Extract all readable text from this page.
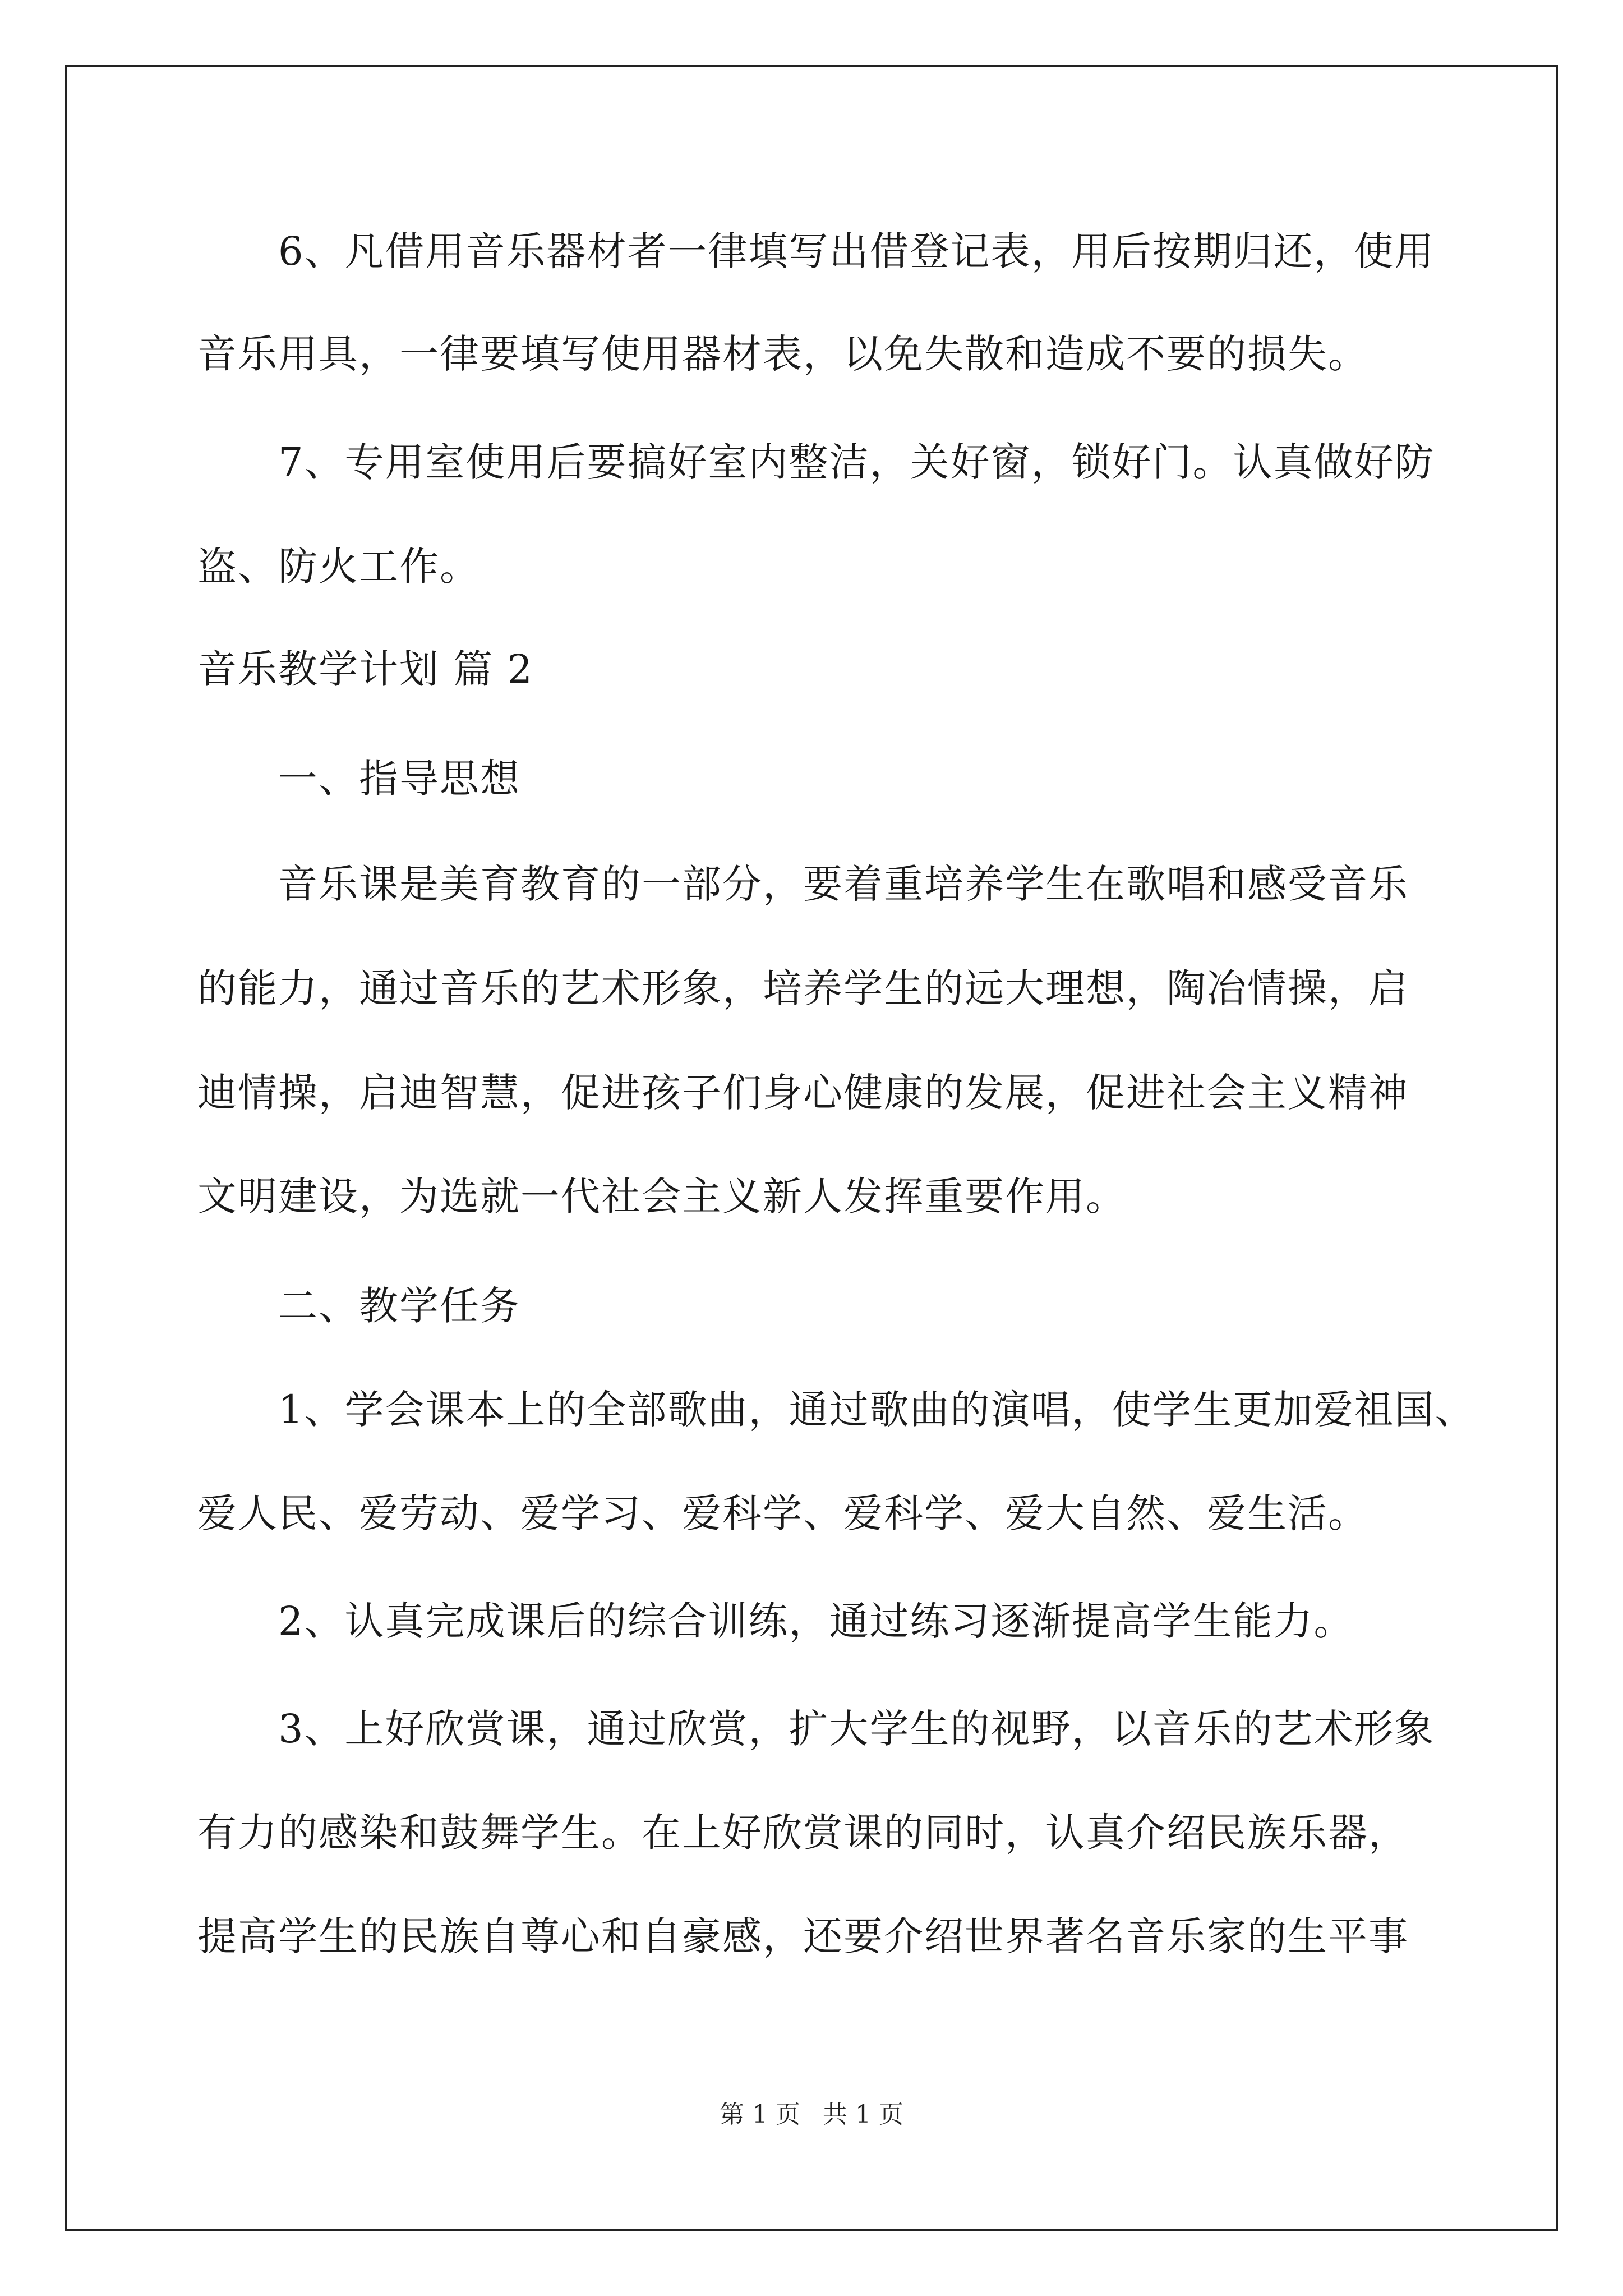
6、凡借用音乐器材者一律填写出借登记表，用后按期归还，使用
音乐用具，一律要填写使用器材表，以免失散和造成不要的损失。
7、专用室使用后要搞好室内整洁，关好窗，锁好门。认真做好防
盗、防火工作。
音乐教学计划 篇 2
一、指导思想
音乐课是美育教育的一部分，要着重培养学生在歌唱和感受音乐
的能力，通过音乐的艺术形象，培养学生的远大理想，陶冶情操，启
迪情操，启迪智慧，促进孩子们身心健康的发展，促进社会主义精神
文明建设，为选就一代社会主义新人发挥重要作用。
二、教学任务
1、学会课本上的全部歌曲，通过歌曲的演唱，使学生更加爱祖国、
爱人民、爱劳动、爱学习、爱科学、爱科学、爱大自然、爱生活。
2、认真完成课后的综合训练，通过练习逐渐提高学生能力。
3、上好欣赏课，通过欣赏，扩大学生的视野，以音乐的艺术形象
有力的感染和鼓舞学生。在上好欣赏课的同时，认真介绍民族乐器，
提高学生的民族自尊心和自豪感，还要介绍世界著名音乐家的生平事
第 1 页 共 1 页
